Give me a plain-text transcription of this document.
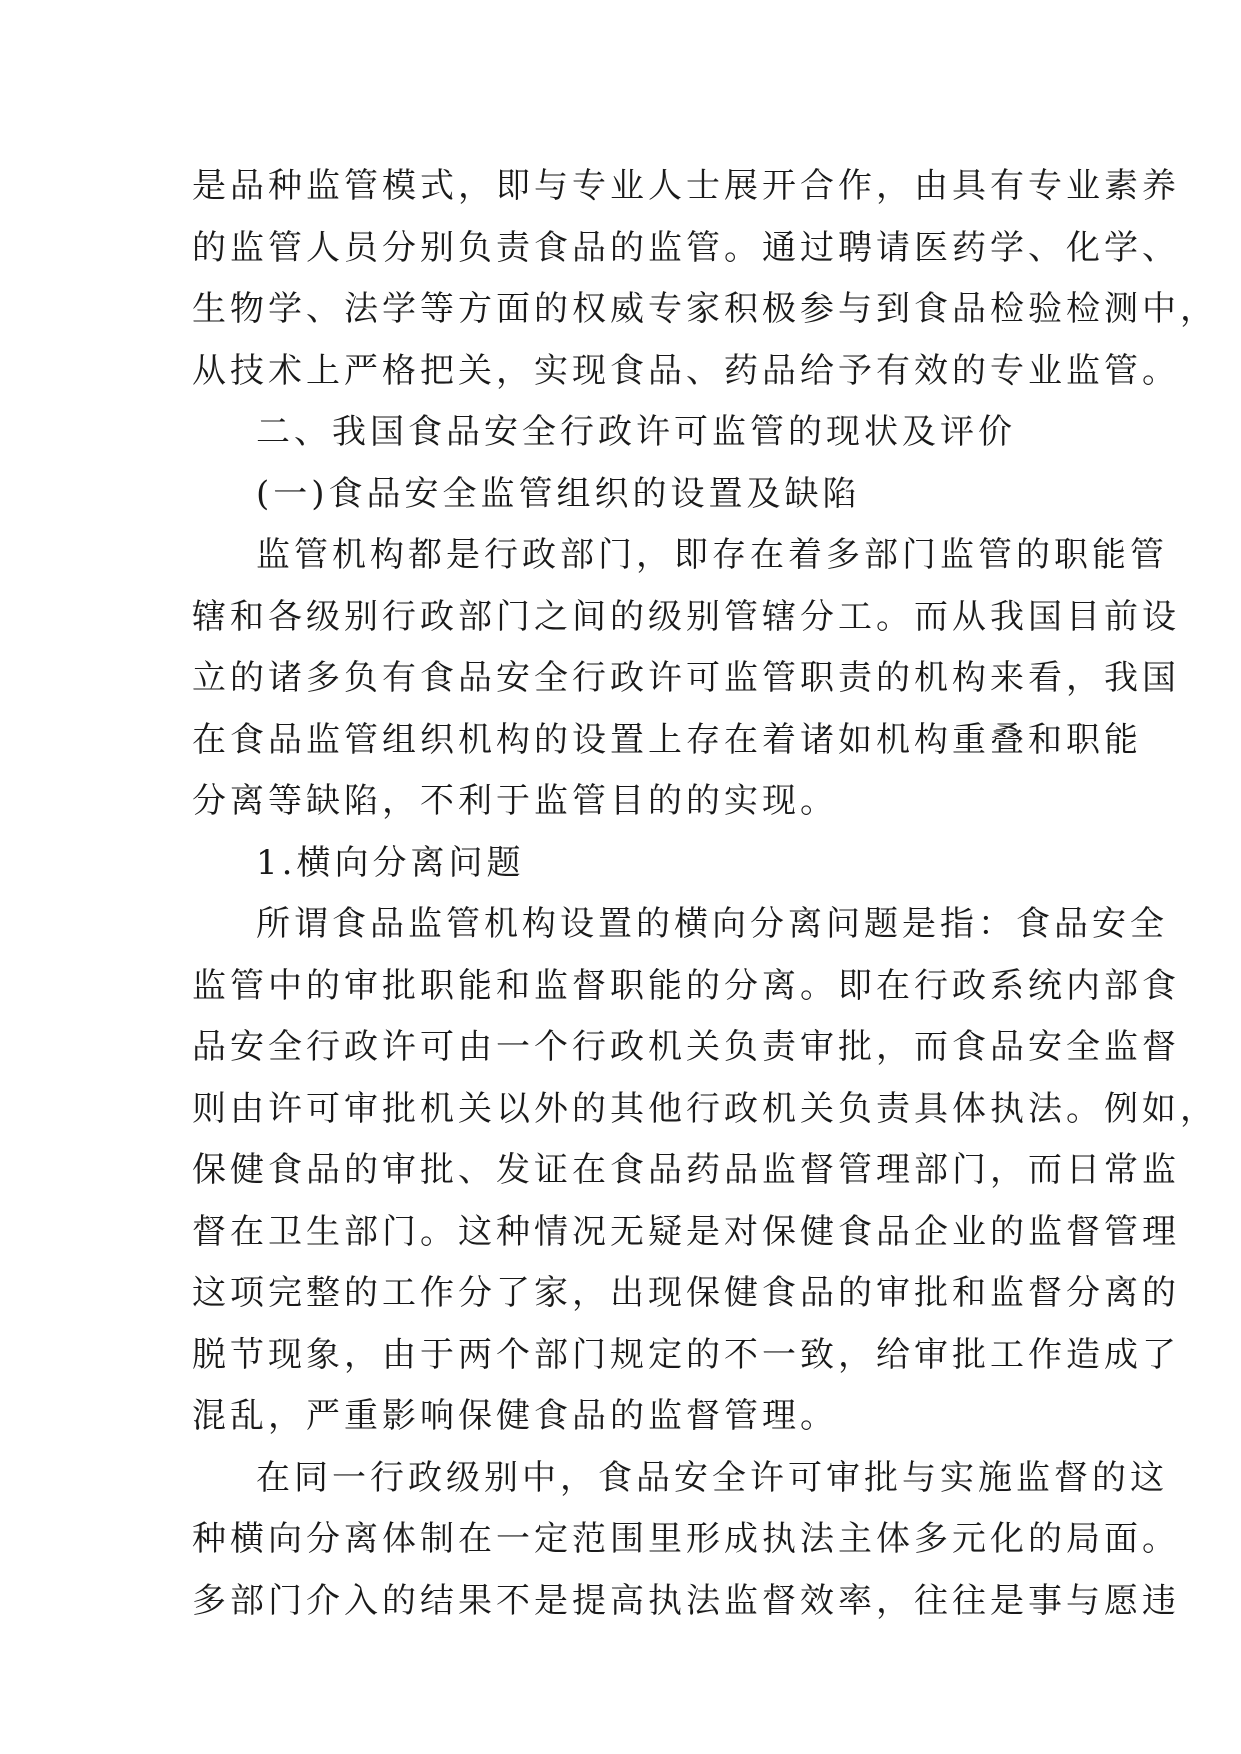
是品种监管模式，即与专业人士展开合作，由具有专业素养
的监管人员分别负责食品的监管。通过聘请医药学、化学、
生物学、法学等方面的权威专家积极参与到食品检验检测中，
从技术上严格把关，实现食品、药品给予有效的专业监管。
二、我国食品安全行政许可监管的现状及评价
(一)食品安全监管组织的设置及缺陷
监管机构都是行政部门，即存在着多部门监管的职能管
辖和各级别行政部门之间的级别管辖分工。而从我国目前设
立的诸多负有食品安全行政许可监管职责的机构来看，我国
在食品监管组织机构的设置上存在着诸如机构重叠和职能
分离等缺陷，不利于监管目的的实现。
1.横向分离问题
所谓食品监管机构设置的横向分离问题是指：食品安全
监管中的审批职能和监督职能的分离。即在行政系统内部食
品安全行政许可由一个行政机关负责审批，而食品安全监督
则由许可审批机关以外的其他行政机关负责具体执法。例如，
保健食品的审批、发证在食品药品监督管理部门，而日常监
督在卫生部门。这种情况无疑是对保健食品企业的监督管理
这项完整的工作分了家，出现保健食品的审批和监督分离的
脱节现象，由于两个部门规定的不一致，给审批工作造成了
混乱，严重影响保健食品的监督管理。
在同一行政级别中，食品安全许可审批与实施监督的这
种横向分离体制在一定范围里形成执法主体多元化的局面。
多部门介入的结果不是提高执法监督效率，往往是事与愿违
